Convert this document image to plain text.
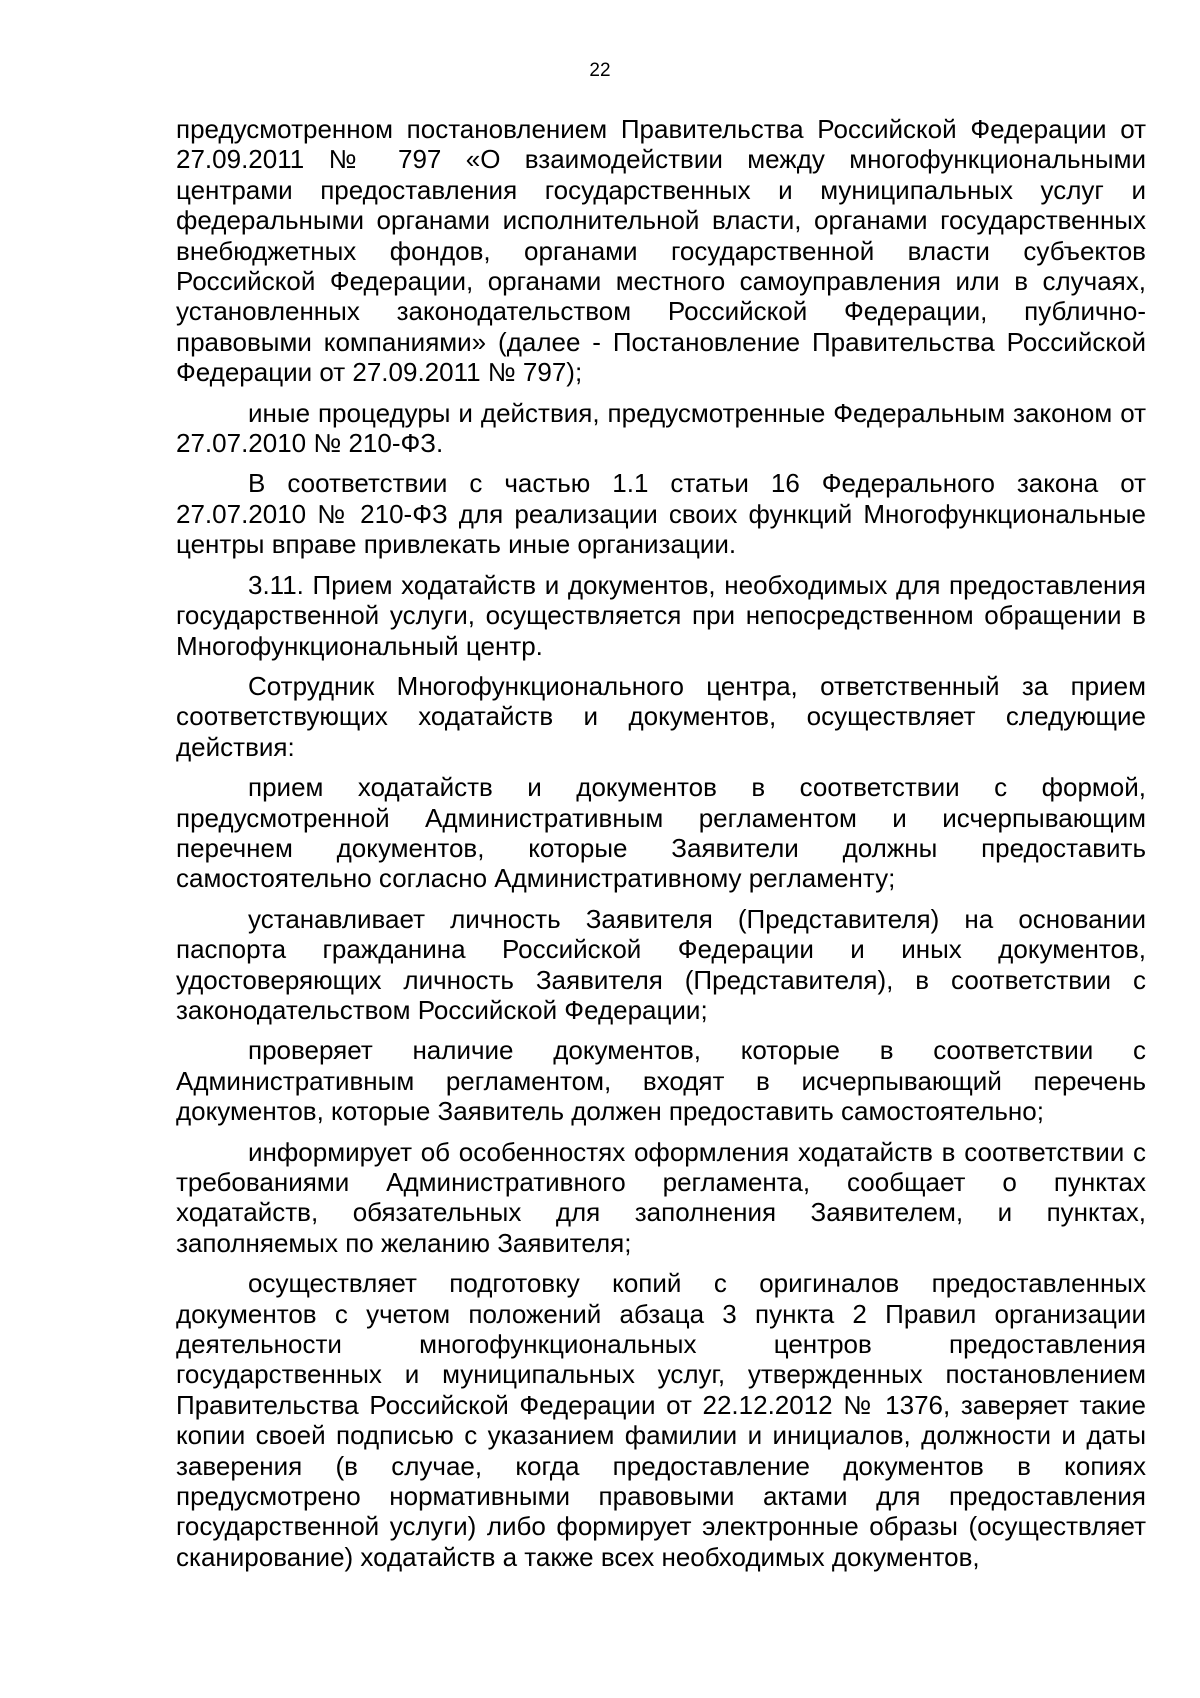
22

предусмотренном постановлением Правительства Российской Федерации от 27.09.2011 № 797 «О взаимодействии между многофункциональными центрами предоставления государственных и муниципальных услуг и федеральными органами исполнительной власти, органами государственных внебюджетных фондов, органами государственной власти субъектов Российской Федерации, органами местного самоуправления или в случаях, установленных законодательством Российской Федерации, публично-правовыми компаниями» (далее - Постановление Правительства Российской Федерации от 27.09.2011 № 797);

иные процедуры и действия, предусмотренные Федеральным законом от 27.07.2010 № 210-ФЗ.

В соответствии с частью 1.1 статьи 16 Федерального закона от 27.07.2010 № 210-ФЗ для реализации своих функций Многофункциональные центры вправе привлекать иные организации.

3.11. Прием ходатайств и документов, необходимых для предоставления государственной услуги, осуществляется при непосредственном обращении в Многофункциональный центр.

Сотрудник Многофункционального центра, ответственный за прием соответствующих ходатайств и документов, осуществляет следующие действия:

прием ходатайств и документов в соответствии с формой, предусмотренной Административным регламентом и исчерпывающим перечнем документов, которые Заявители должны предоставить самостоятельно согласно Административному регламенту;

устанавливает личность Заявителя (Представителя) на основании паспорта гражданина Российской Федерации и иных документов, удостоверяющих личность Заявителя (Представителя), в соответствии с законодательством Российской Федерации;

проверяет наличие документов, которые в соответствии с Административным регламентом, входят в исчерпывающий перечень документов, которые Заявитель должен предоставить самостоятельно;

информирует об особенностях оформления ходатайств в соответствии с требованиями Административного регламента, сообщает о пунктах ходатайств, обязательных для заполнения Заявителем, и пунктах, заполняемых по желанию Заявителя;

осуществляет подготовку копий с оригиналов предоставленных документов с учетом положений абзаца 3 пункта 2 Правил организации деятельности многофункциональных центров предоставления государственных и муниципальных услуг, утвержденных постановлением Правительства Российской Федерации от 22.12.2012 № 1376, заверяет такие копии своей подписью с указанием фамилии и инициалов, должности и даты заверения (в случае, когда предоставление документов в копиях предусмотрено нормативными правовыми актами для предоставления государственной услуги) либо формирует электронные образы (осуществляет сканирование) ходатайств а также всех необходимых документов,
